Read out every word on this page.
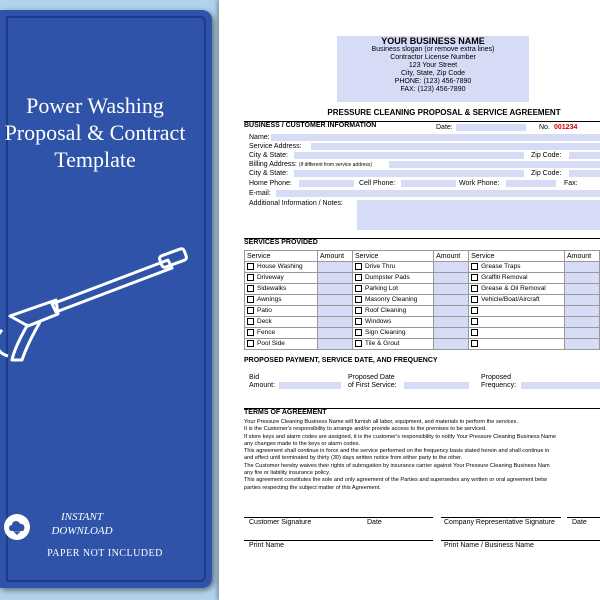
Power Washing
Proposal & Contract
Template
INSTANT
DOWNLOAD
PAPER NOT INCLUDED
YOUR BUSINESS NAME
Business slogan (or remove extra lines)
Contractor License Number
123 Your Street
City, State, Zip Code
PHONE: (123) 456-7890
FAX: (123) 456-7890
PRESSURE CLEANING PROPOSAL & SERVICE AGREEMENT
BUSINESS / CUSTOMER INFORMATION	Date:	No. 001234
Name:
Service Address:
City & State:	Zip Code:
Billing Address: (If different from service address)
City & State:	Zip Code:
Home Phone:	Cell Phone:	Work Phone:	Fax:
E-mail:
Additional Information / Notes:
SERVICES PROVIDED
Service	Amount	Service	Amount	Service	Amount
House Washing		Drive Thru		Grease Traps	
Driveway		Dumpster Pads		Graffiti Removal	
Sidewalks		Parking Lot		Grease & Oil Removal	
Awnings		Masonry Cleaning		Vehicle/Boat/Aircraft	
Patio		Roof Cleaning			
Deck		Windows			
Fence		Sign Cleaning			
Pool Side		Tile & Grout			
PROPOSED PAYMENT, SERVICE DATE, AND FREQUENCY
Bid
Amount:
Proposed Date
of First Service:
Proposed
Frequency:
TERMS OF AGREEMENT
Your Pressure Cleaning Business Name will furnish all labor, equipment, and materials to perform the services.
It is the Customer's responsibility to arrange and/or provide access to the premises to be serviced.
If store keys and alarm codes are assigned, it is the customer's responsibility to notify Your Pressure Cleaning Business Name
any changes made to the keys or alarm codes.
This agreement shall continue in force and the service performed on the frequency basis stated herein and shall continue in
and effect until terminated by thirty (30) days written notice from either party to the other.
The Customer hereby waives their rights of subrogation by insurance carrier against Your Pressure Cleaning Business Nam
any fire or liability insurance policy.
This agreement constitutes the sole and only agreement of the Parties and supersedes any written or oral agreement betw
parties respecting the subject matter of this Agreement.
Customer Signature	Date	Company Representative Signature Date
Print Name	Print Name / Business Name
